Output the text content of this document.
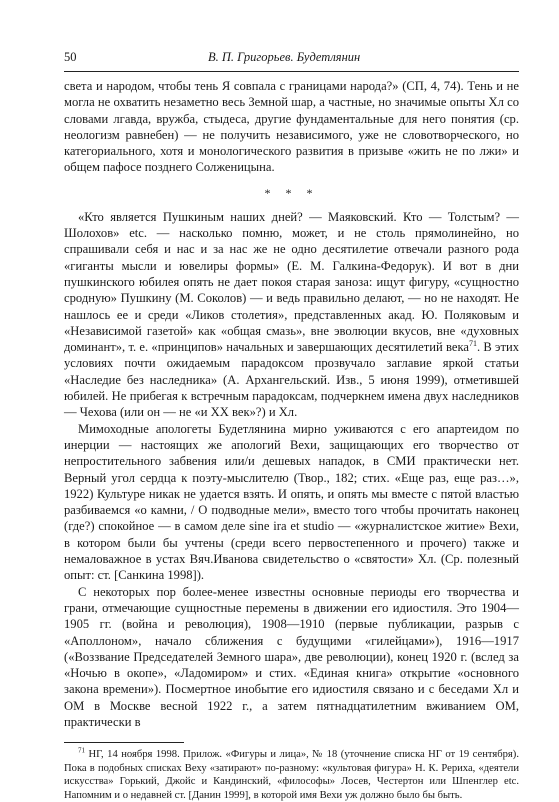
50	В. П. Григорьев. Будетлянин

света и народом, чтобы тень Я совпала с границами народа?» (СП, 4, 74). Тень и не могла не охватить незаметно весь Земной шар, а частные, но значимые опыты Хл со словами лгавда, вружба, стыдеса, другие фундаментальные для него понятия (ср. неологизм равнебен) — не получить независимого, уже не словотворческого, но категориального, хотя и монологического развития в призыве «жить не по лжи» и общем пафосе позднего Солженицына.

* * *

«Кто является Пушкиным наших дней? — Маяковский. Кто — Толстым? — Шолохов» etc. — насколько помню, может, и не столь прямолинейно, но спрашивали себя и нас и за нас же не одно десятилетие отвечали разного рода «гиганты мысли и ювелиры формы» (Е. М. Галкина-Федорук). И вот в дни пушкинского юбилея опять не дает покоя старая заноза: ищут фигуру, «сущностно сродную» Пушкину (М. Соколов) — и ведь правильно делают, — но не находят. Не нашлось ее и среди «Ликов столетия», представленных акад. Ю. Поляковым и «Независимой газетой» как «общая смазь», вне эволюции вкусов, вне «духовных доминант», т. е. «принципов» начальных и завершающих десятилетий века$^{71}$. В этих условиях почти ожидаемым парадоксом прозвучало заглавие яркой статьи «Наследие без наследника» (А. Архангельский. Изв., 5 июня 1999), отметившей юбилей. Не прибегая к встречным парадоксам, подчеркнем имена двух наследников — Чехова (или он — не «и XX век»?) и Хл.

Мимоходные апологеты Будетлянина мирно уживаются с его апартеидом по инерции — настоящих же апологий Вехи, защищающих его творчество от непростительного забвения или/и дешевых нападок, в СМИ практически нет. Верный угол сердца к поэту-мыслителю (Твор., 182; стих. «Еще раз, еще раз…», 1922) Культуре никак не удается взять. И опять, и опять мы вместе с пятой властью разбиваемся «о камни, / О подводные мели», вместо того чтобы прочитать наконец (где?) спокойное — в самом деле sine ira et studio — «журналистское житие» Вехи, в котором были бы учтены (среди всего первостепенного и прочего) также и немаловажное в устах Вяч.Иванова свидетельство о «святости» Хл. (Ср. полезный опыт: ст. [Санкина 1998]).

С некоторых пор более-менее известны основные периоды его творчества и грани, отмечающие сущностные перемены в движении его идиостиля. Это 1904—1905 гг. (война и революция), 1908—1910 (первые публикации, разрыв с «Аполлоном», начало сближения с будущими «гилейцами»), 1916—1917 («Воззвание Председателей Земного шара», две революции), конец 1920 г. (вслед за «Ночью в окопе», «Ладомиром» и стих. «Единая книга» открытие «основного закона времени»). Посмертное инобытие его идиостиля связано и с беседами Хл и ОМ в Москве весной 1922 г., а затем пятнадцатилетним вживанием ОМ, практически в

$^{71}$ НГ, 14 ноября 1998. Прилож. «Фигуры и лица», № 18 (уточнение списка НГ от 19 сентября). Пока в подобных списках Веху «затирают» по-разному: «культовая фигура» Н. К. Рериха, «деятели искусства» Горький, Джойс и Кандинский, «философы» Лосев, Честертон или Шпенглер etc. Напомним и о недавней ст. [Данин 1999], в которой имя Вехи уж должно было бы быть.
